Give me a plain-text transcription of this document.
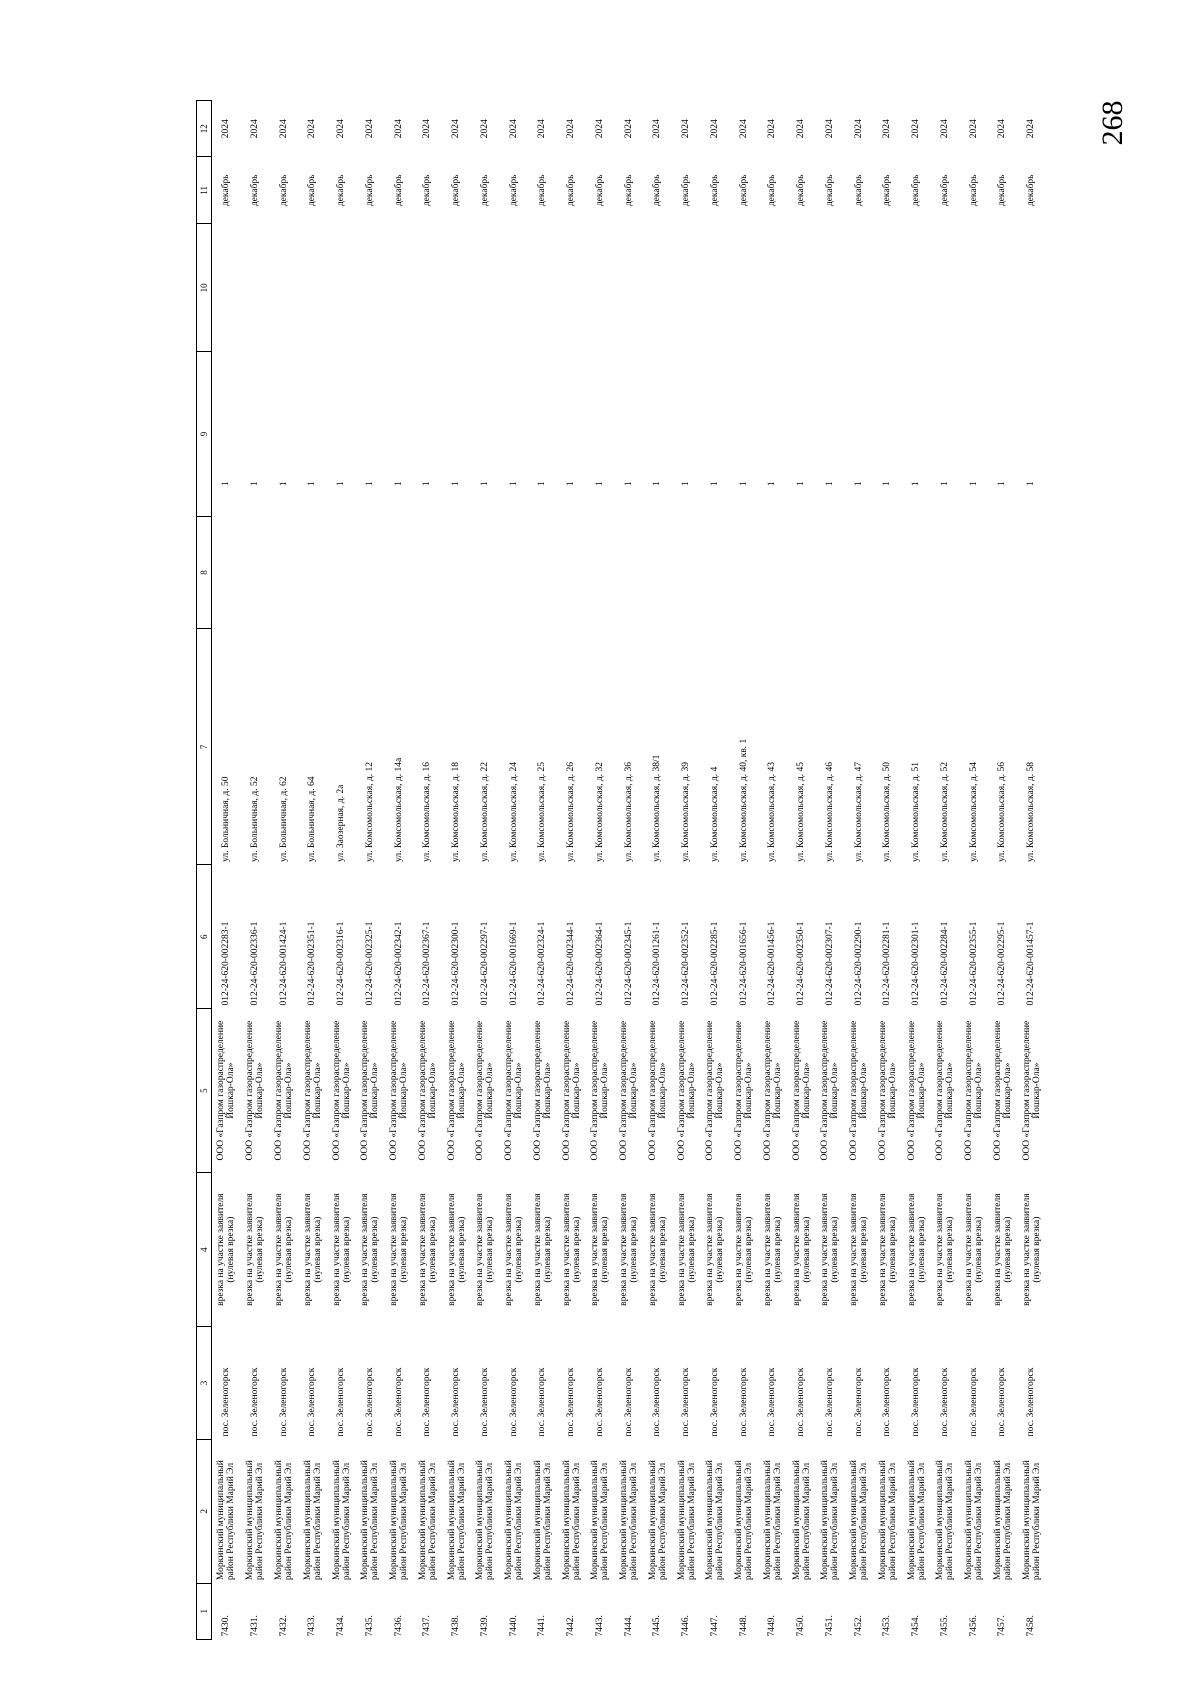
268
1	2	3	4	5	6	7	8	9	10	11	12
7430.	Моркинский муниципальный район Республики Марий Эл	пос. Зеленогорск	врезка на участке заявителя (нулевая врезка)	ООО «Газпром газораспределение Йошкар-Ола»	012-24-620-002283-1	ул. Больничная, д. 50		1		декабрь	2024
7431.	Моркинский муниципальный район Республики Марий Эл	пос. Зеленогорск	врезка на участке заявителя (нулевая врезка)	ООО «Газпром газораспределение Йошкар-Ола»	012-24-620-002336-1	ул. Больничная, д. 52		1		декабрь	2024
7432.	Моркинский муниципальный район Республики Марий Эл	пос. Зеленогорск	врезка на участке заявителя (нулевая врезка)	ООО «Газпром газораспределение Йошкар-Ола»	012-24-620-001424-1	ул. Больничная, д. 62		1		декабрь	2024
7433.	Моркинский муниципальный район Республики Марий Эл	пос. Зеленогорск	врезка на участке заявителя (нулевая врезка)	ООО «Газпром газораспределение Йошкар-Ола»	012-24-620-002351-1	ул. Больничная, д. 64		1		декабрь	2024
7434.	Моркинский муниципальный район Республики Марий Эл	пос. Зеленогорск	врезка на участке заявителя (нулевая врезка)	ООО «Газпром газораспределение Йошкар-Ола»	012-24-620-002316-1	ул. Заозерная, д. 2а		1		декабрь	2024
7435.	Моркинский муниципальный район Республики Марий Эл	пос. Зеленогорск	врезка на участке заявителя (нулевая врезка)	ООО «Газпром газораспределение Йошкар-Ола»	012-24-620-002325-1	ул. Комсомольская, д. 12		1		декабрь	2024
7436.	Моркинский муниципальный район Республики Марий Эл	пос. Зеленогорск	врезка на участке заявителя (нулевая врезка)	ООО «Газпром газораспределение Йошкар-Ола»	012-24-620-002342-1	ул. Комсомольская, д. 14а		1		декабрь	2024
7437.	Моркинский муниципальный район Республики Марий Эл	пос. Зеленогорск	врезка на участке заявителя (нулевая врезка)	ООО «Газпром газораспределение Йошкар-Ола»	012-24-620-002367-1	ул. Комсомольская, д. 16		1		декабрь	2024
7438.	Моркинский муниципальный район Республики Марий Эл	пос. Зеленогорск	врезка на участке заявителя (нулевая врезка)	ООО «Газпром газораспределение Йошкар-Ола»	012-24-620-002300-1	ул. Комсомольская, д. 18		1		декабрь	2024
7439.	Моркинский муниципальный район Республики Марий Эл	пос. Зеленогорск	врезка на участке заявителя (нулевая врезка)	ООО «Газпром газораспределение Йошкар-Ола»	012-24-620-002297-1	ул. Комсомольская, д. 22		1		декабрь	2024
7440.	Моркинский муниципальный район Республики Марий Эл	пос. Зеленогорск	врезка на участке заявителя (нулевая врезка)	ООО «Газпром газораспределение Йошкар-Ола»	012-24-620-001669-1	ул. Комсомольская, д. 24		1		декабрь	2024
7441.	Моркинский муниципальный район Республики Марий Эл	пос. Зеленогорск	врезка на участке заявителя (нулевая врезка)	ООО «Газпром газораспределение Йошкар-Ола»	012-24-620-002324-1	ул. Комсомольская, д. 25		1		декабрь	2024
7442.	Моркинский муниципальный район Республики Марий Эл	пос. Зеленогорск	врезка на участке заявителя (нулевая врезка)	ООО «Газпром газораспределение Йошкар-Ола»	012-24-620-002344-1	ул. Комсомольская, д. 26		1		декабрь	2024
7443.	Моркинский муниципальный район Республики Марий Эл	пос. Зеленогорск	врезка на участке заявителя (нулевая врезка)	ООО «Газпром газораспределение Йошкар-Ола»	012-24-620-002364-1	ул. Комсомольская, д. 32		1		декабрь	2024
7444.	Моркинский муниципальный район Республики Марий Эл	пос. Зеленогорск	врезка на участке заявителя (нулевая врезка)	ООО «Газпром газораспределение Йошкар-Ола»	012-24-620-002345-1	ул. Комсомольская, д. 36		1		декабрь	2024
7445.	Моркинский муниципальный район Республики Марий Эл	пос. Зеленогорск	врезка на участке заявителя (нулевая врезка)	ООО «Газпром газораспределение Йошкар-Ола»	012-24-620-001261-1	ул. Комсомольская, д. 38/1		1		декабрь	2024
7446.	Моркинский муниципальный район Республики Марий Эл	пос. Зеленогорск	врезка на участке заявителя (нулевая врезка)	ООО «Газпром газораспределение Йошкар-Ола»	012-24-620-002352-1	ул. Комсомольская, д. 39		1		декабрь	2024
7447.	Моркинский муниципальный район Республики Марий Эл	пос. Зеленогорск	врезка на участке заявителя (нулевая врезка)	ООО «Газпром газораспределение Йошкар-Ола»	012-24-620-002285-1	ул. Комсомольская, д. 4		1		декабрь	2024
7448.	Моркинский муниципальный район Республики Марий Эл	пос. Зеленогорск	врезка на участке заявителя (нулевая врезка)	ООО «Газпром газораспределение Йошкар-Ола»	012-24-620-001656-1	ул. Комсомольская, д. 40, кв. 1		1		декабрь	2024
7449.	Моркинский муниципальный район Республики Марий Эл	пос. Зеленогорск	врезка на участке заявителя (нулевая врезка)	ООО «Газпром газораспределение Йошкар-Ола»	012-24-620-001456-1	ул. Комсомольская, д. 43		1		декабрь	2024
7450.	Моркинский муниципальный район Республики Марий Эл	пос. Зеленогорск	врезка на участке заявителя (нулевая врезка)	ООО «Газпром газораспределение Йошкар-Ола»	012-24-620-002350-1	ул. Комсомольская, д. 45		1		декабрь	2024
7451.	Моркинский муниципальный район Республики Марий Эл	пос. Зеленогорск	врезка на участке заявителя (нулевая врезка)	ООО «Газпром газораспределение Йошкар-Ола»	012-24-620-002307-1	ул. Комсомольская, д. 46		1		декабрь	2024
7452.	Моркинский муниципальный район Республики Марий Эл	пос. Зеленогорск	врезка на участке заявителя (нулевая врезка)	ООО «Газпром газораспределение Йошкар-Ола»	012-24-620-002290-1	ул. Комсомольская, д. 47		1		декабрь	2024
7453.	Моркинский муниципальный район Республики Марий Эл	пос. Зеленогорск	врезка на участке заявителя (нулевая врезка)	ООО «Газпром газораспределение Йошкар-Ола»	012-24-620-002281-1	ул. Комсомольская, д. 50		1		декабрь	2024
7454.	Моркинский муниципальный район Республики Марий Эл	пос. Зеленогорск	врезка на участке заявителя (нулевая врезка)	ООО «Газпром газораспределение Йошкар-Ола»	012-24-620-002301-1	ул. Комсомольская, д. 51		1		декабрь	2024
7455.	Моркинский муниципальный район Республики Марий Эл	пос. Зеленогорск	врезка на участке заявителя (нулевая врезка)	ООО «Газпром газораспределение Йошкар-Ола»	012-24-620-002284-1	ул. Комсомольская, д. 52		1		декабрь	2024
7456.	Моркинский муниципальный район Республики Марий Эл	пос. Зеленогорск	врезка на участке заявителя (нулевая врезка)	ООО «Газпром газораспределение Йошкар-Ола»	012-24-620-002355-1	ул. Комсомольская, д. 54		1		декабрь	2024
7457.	Моркинский муниципальный район Республики Марий Эл	пос. Зеленогорск	врезка на участке заявителя (нулевая врезка)	ООО «Газпром газораспределение Йошкар-Ола»	012-24-620-002295-1	ул. Комсомольская, д. 56		1		декабрь	2024
7458.	Моркинский муниципальный район Республики Марий Эл	пос. Зеленогорск	врезка на участке заявителя (нулевая врезка)	ООО «Газпром газораспределение Йошкар-Ола»	012-24-620-001457-1	ул. Комсомольская, д. 58		1		декабрь	2024
